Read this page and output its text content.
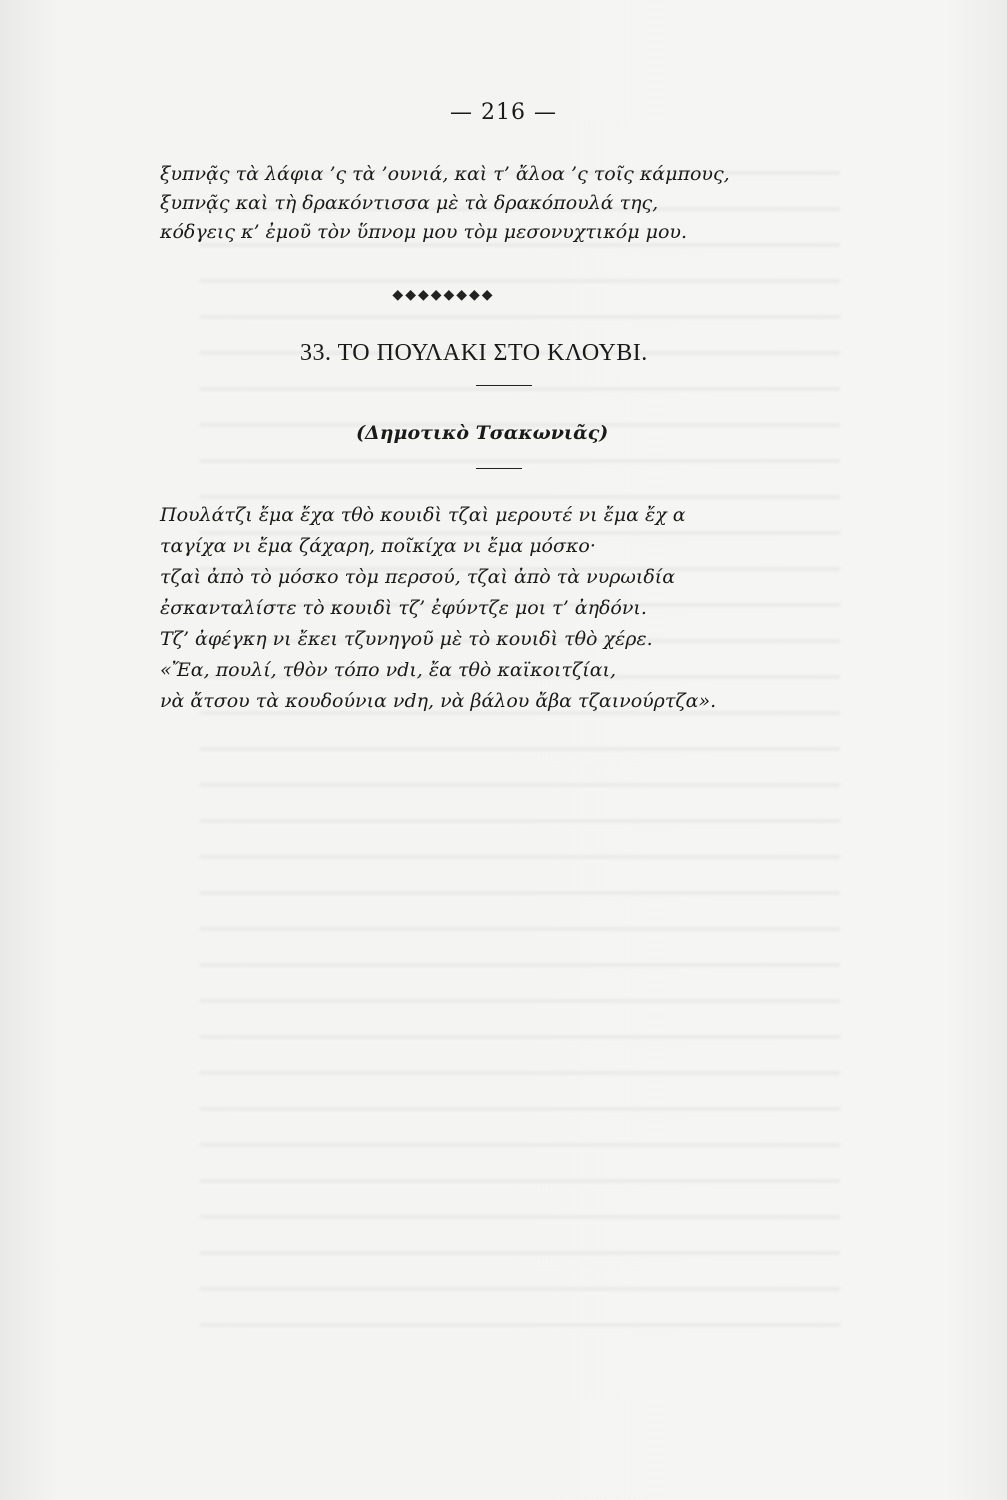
— 216 —
ξυπνᾷς τὰ λάφια ’ς τὰ ’ουνιά, καὶ τ’ ἄλοα ’ς τοῖς κάμπους,
ξυπνᾷς καὶ τὴ δρακόντισσα μὲ τὰ δρακόπουλά της,
κόδγεις κ’ ἐμοῦ τὸν ὕπνομ μου τὸμ μεσονυχτικόμ μου.
◆◆◆◆◆◆◆◆
33. ΤΟ ΠΟΥΛΑΚΙ ΣΤΟ ΚΛΟΥΒΙ.
(Δημοτικὸ Τσακωνιᾶς)
Πουλάτζι ἔμα ἔχα τθὸ κουιδὶ τζαὶ μερουτέ νι ἔμα ἔχ α
ταγίχα νι ἔμα ζάχαρη, ποῖκίχα νι ἔμα μόσκο·
τζαὶ ἀπὸ τὸ μόσκο τὸμ περσού, τζαὶ ἀπὸ τὰ νυρωιδία
ἐσκανταλίστε τὸ κουιδὶ τζ’ ἐφύντζε μοι τ’ ἀηδόνι.
Τζ’ ἀφέγκη νι ἔκει τζυνηγοῦ μὲ τὸ κουιδὶ τθὸ χέρε.
«Ἔα, πουλί, τθὸν τόπο νdι, ἔα τθὸ καϊκοιτζίαι,
νὰ ἄτσου τὰ κουδούνια νdη, νὰ βάλου ἄβα τζαινούρτζα».
